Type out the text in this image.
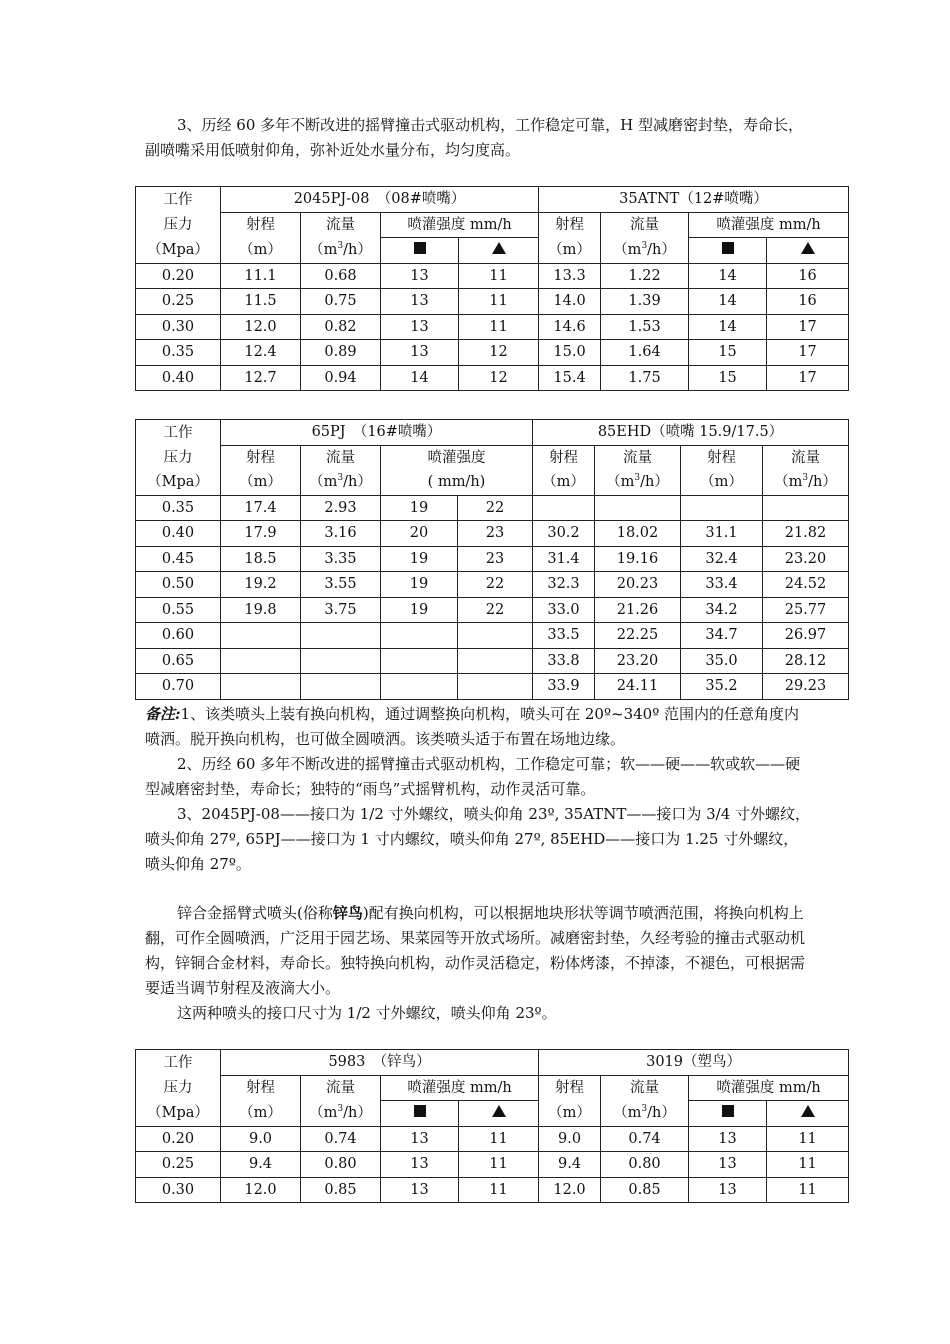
3、历经 60 多年不断改进的摇臂撞击式驱动机构，工作稳定可靠，H 型减磨密封垫，寿命长，副喷嘴采用低喷射仰角，弥补近处水量分布，均匀度高。

工作	2045PJ-08　（08#喷嘴）				35ATNT（12#喷嘴）			
压力	射程	流量	喷灌强度 mm/h		射程	流量	喷灌强度 mm/h	
（Mpa）	（m）	$(m^3/h)$			（m）	$(m^3/h)$		
0.20	11.1	0.68	13	11	13.3	1.22	14	16
0.25	11.5	0.75	13	11	14.0	1.39	14	16
0.30	12.0	0.82	13	11	14.6	1.53	14	17
0.35	12.4	0.89	13	12	15.0	1.64	15	17
0.40	12.7	0.94	14	12	15.4	1.75	15	17
工作	65PJ　（16#喷嘴）				85EHD（喷嘴 15.9/17.5）			
压力	射程	流量	喷灌强度		射程	流量	射程	流量
（Mpa）	（m）	$(m^3/h)$	( mm/h)		（m）	$(m^3/h)$	（m）	$(m^3/h)$
0.35	17.4	2.93	19	22				
0.40	17.9	3.16	20	23	30.2	18.02	31.1	21.82
0.45	18.5	3.35	19	23	31.4	19.16	32.4	23.20
0.50	19.2	3.55	19	22	32.3	20.23	33.4	24.52
0.55	19.8	3.75	19	22	33.0	21.26	34.2	25.77
0.60					33.5	22.25	34.7	26.97
0.65					33.8	23.20	35.0	28.12
0.70					33.9	24.11	35.2	29.23

备注:1、该类喷头上装有换向机构，通过调整换向机构，喷头可在 20º~340º 范围内的任意角度内喷洒。脱开换向机构，也可做全圆喷洒。该类喷头适于布置在场地边缘。

2、历经 60 多年不断改进的摇臂撞击式驱动机构，工作稳定可靠；软——硬——软或软——硬型减磨密封垫，寿命长；独特的“雨鸟”式摇臂机构，动作灵活可靠。

3、2045PJ-08——接口为 1/2 寸外螺纹，喷头仰角 23º, 35ATNT——接口为 3/4 寸外螺纹，喷头仰角 27º, 65PJ——接口为 1 寸内螺纹，喷头仰角 27º, 85EHD——接口为 1.25 寸外螺纹，喷头仰角 27º。

锌合金摇臂式喷头(俗称锌鸟)配有换向机构，可以根据地块形状等调节喷洒范围，将换向机构上翻，可作全圆喷洒，广泛用于园艺场、果菜园等开放式场所。减磨密封垫，久经考验的撞击式驱动机构，锌铜合金材料，寿命长。独特换向机构，动作灵活稳定，粉体烤漆，不掉漆，不褪色，可根据需要适当调节射程及液滴大小。

这两种喷头的接口尺寸为 1/2 寸外螺纹，喷头仰角 23º。

工作	5983　（锌鸟）				3019（塑鸟）			
压力	射程	流量	喷灌强度 mm/h		射程	流量	喷灌强度 mm/h	
（Mpa）	（m）	$(m^3/h)$			（m）	$(m^3/h)$		
0.20	9.0	0.74	13	11	9.0	0.74	13	11
0.25	9.4	0.80	13	11	9.4	0.80	13	11
0.30	12.0	0.85	13	11	12.0	0.85	13	11
